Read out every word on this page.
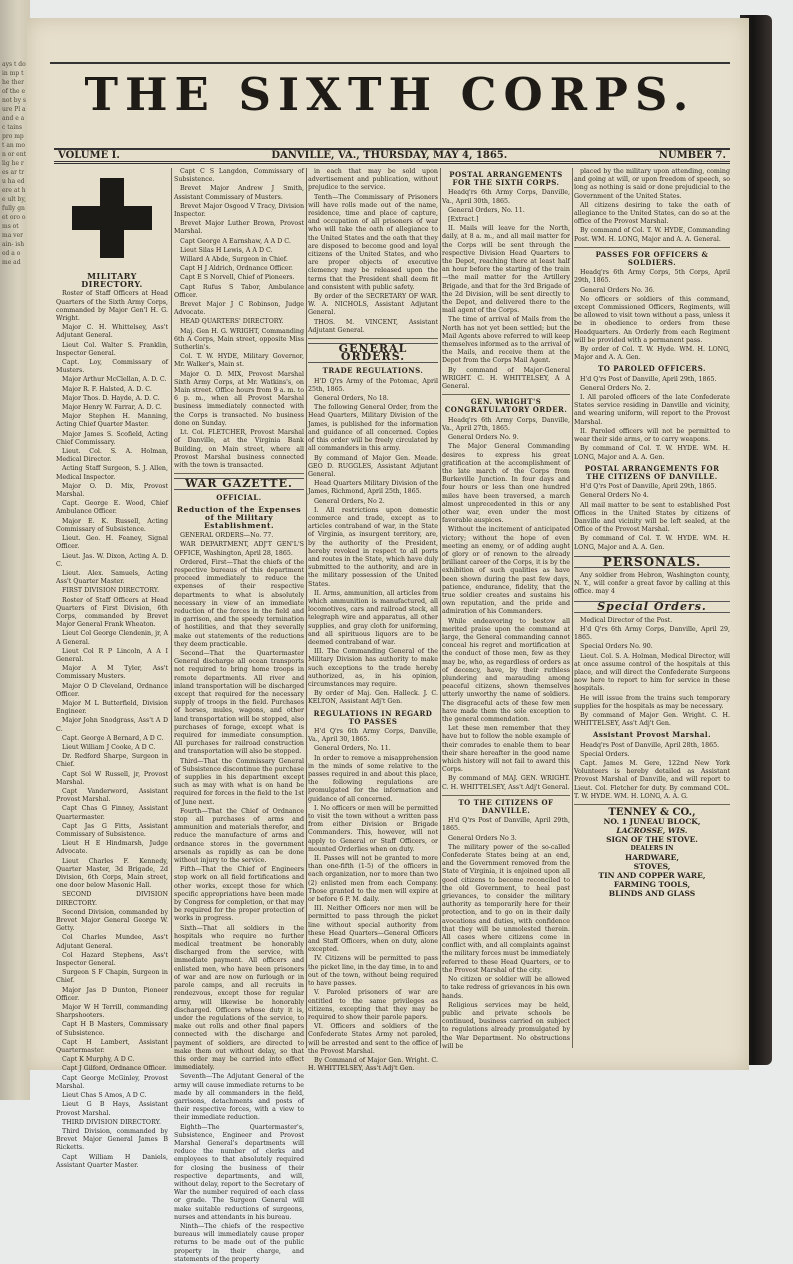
ays t do in mp the ther of the e not by sure Pl a and e ac tains pro mpt an mon or ent lig he res ar tru ha ed ere at he ult by, fully gnet oro oms ot ma ver ain- ish ed a ome ad
THE SIXTH CORPS.
VOLUME I.	DANVILLE, VA., THURSDAY, MAY 4, 1865.	NUMBER 7.
MILITARY DIRECTORY.

Roster of Staff Officers at Head Quarters of the Sixth Army Corps, commanded by Major Gen'l H. G. Wright.

Major C. H. Whittelsey, Ass't Adjutant General.

Lieut Col. Walter S. Franklin, Inspector General.

Capt. Loy, Commissary of Musters.

Major Arthur McClellan, A. D. C.

Major R. F. Halsted, A. D. C.

Major Thos. D. Hayde, A. D. C.

Major Henry W. Farrar, A. D. C.

Major Stephen H. Manning, Acting Chief Quarter Master.

Major James S. Scofield, Acting Chief Commissary.

Lieut. Col. S. A. Holman, Medical Director.

Acting Staff Surgeon, S. J. Allen, Medical Inspector.

Major O. D. Mix, Provost Marshal.

Capt. George E. Wood, Chief Ambulance Officer.

Major E. K. Russell, Acting Commissary of Subsistence.

Lieut. Geo. H. Feaney, Signal Officer.

Lieut. Jas. W. Dixon, Acting A. D. C.

Lieut. Alex. Samuels, Acting Ass't Quarter Master.

FIRST DIVISION DIRECTORY.

Roster of Staff Officers at Head Quarters of First Division, 6th Corps, commanded by Brevet Major General Frank Wheaton.

Lieut Col George Clendenin, jr, A A General.

Lieut Col R P Lincoln, A A I General.

Major A M Tyler, Ass't Commissary Musters.

Major O D Cleveland, Ordnance Officer.

Major M L Butterfield, Division Engineer.

Major John Snodgrass, Ass't A D C.

Capt. George A Bernard, A D C.

Lieut William J Cooke, A D C.

Dr. Redford Sharpe, Surgeon in Chief.

Capt Sol W Russell, jr, Provost Marshal.

Capt Vanderword, Assistant Provost Marshal.

Capt Chas G Finney, Assistant Quartermaster.

Capt Jas G Fitts, Assistant Commissary of Subsistence.

Lieut H E Hindmarsh, Judge Advocate.

Lieut Charles F. Kennedy, Quarter Master, 3d Brigade, 2d Division, 6th Corps, Main street, one door below Masonic Hall.

SECOND DIVISION DIRECTORY.

Second Division, commanded by Brevet Major General George W. Getty.

Col Charles Mundee, Ass't Adjutant General.

Col Hazard Stephens, Ass't Inspector General.

Surgeon S F Chapin, Surgeon in Chief.

Major Jas D Dunton, Pioneer Officer.

Major W H Terrill, commanding Sharpshooters.

Capt H B Masters, Commissary of Subsistence.

Capt H Lambert, Assistant Quartermaster.

Capt K Murphy, A D C.

Capt J Gilford, Ordnance Officer.

Capt George McGinley, Provost Marshal.

Lieut Chas S Amos, A D C.

Lieut G B Hays, Assistant Provost Marshal.

THIRD DIVISION DIRECTORY.

Third Division, commanded by Brevet Major General James B Ricketts.

Capt William H Daniels, Assistant Quarter Master.

Capt C S Langdon, Commissary of Subsistence.

Brevet Major Andrew J Smith, Assistant Commissary of Musters.

Brevet Major Osgood V Tracy, Division Inspector.

Brevet Major Luther Brown, Provost Marshal.

Capt George A Earnshaw, A A D C.

Lieut Silas H Lewis, A A D C.

Willard A Abde, Surgeon in Chief.

Capt H J Aldrich, Ordnance Officer.

Capt E S Norvell, Chief of Pioneers.

Capt Rufus S Tabor, Ambulance Officer.

Brevet Major J C Robinson, Judge Advocate.

HEAD QUARTERS' DIRECTORY.

Maj. Gen H. G. WRIGHT, Commanding 6th A Corps, Main street, opposite Miss Sutherlin's.

Col. T. W. HYDE, Military Governor, Mr. Walker's, Main st.

Major O. D. MIX, Provost Marshal Sixth Army Corps, at Mr. Watkins's, on Main street. Office hours from 9 a. m. to 6 p. m., when all Provost Marshal business immediately connected with the Corps is transacted. No business done on Sunday.

Lt. Col. FLETCHER, Provost Marshal of Danville, at the Virginia Bank Building, on Main street, where all Provost Marshal business connected with the town is transacted.

WAR GAZETTE.
OFFICIAL.
Reduction of the Expenses of the Military Establishment.

GENERAL ORDERS—No. 77.

WAR DEPARTMENT, ADJ'T GEN'L'S OFFICE, Washington, April 28, 1865.

Ordered, First—That the chiefs of the respective bureaus of this department proceed immediately to reduce the expenses of their respective departments to what is absolutely necessary in view of an immediate reduction of the forces in the field and in garrison, and the speedy termination of hostilities, and that they severally make out statements of the reductions they deem practicable.

Second—That the Quartermaster General discharge all ocean transports not required to bring home troops in remote departments. All river and inland transportation will be discharged except that required for the necessary supply of troops in the field. Purchases of horses, mules, wagons, and other land transportation will be stopped, also purchases of forage, except what is required for immediate consumption. All purchases for railroad construction and transportation will also be stopped.

Third—That the Commissary General of Subsistence discontinue the purchase of supplies in his department except such as may with what is on hand be required for forces in the field to the 1st of June next.

Fourth—That the Chief of Ordnance stop all purchases of arms and ammunition and materials therefor, and reduce the manufacture of arms and ordnance stores in the government arsenals as rapidly as can be done without injury to the service.

Fifth—That the Chief of Engineers stop work on all field fortifications and other works, except those for which specific appropriations have been made by Congress for completion, or that may be required for the proper protection of works in progress.

Sixth—That all soldiers in the hospitals who require no further medical treatment be honorably discharged from the service, with immediate payment. All officers and enlisted men, who have been prisoners of war and are now on furlough or in parole camps, and all recruits in rendezvous, except those for regular army, will likewise be honorably discharged. Officers whose duty it is, under the regulations of the service, to make out rolls and other final papers connected with the discharge and payment of soldiers, are directed to make them out without delay, so that this order may be carried into effect immediately.

Seventh—The Adjutant General of the army will cause immediate returns to be made by all commanders in the field, garrisons, detachments and posts of their respective forces, with a view to their immediate reduction.

Eighth—The Quartermaster's, Subsistence, Engineer and Provost Marshal General's departments will reduce the number of clerks and employees to that absolutely required for closing the business of their respective departments, and will, without delay, report to the Secretary of War the number required of each class or grade. The Surgeon General will make suitable reductions of surgeons, nurses and attendants in his bureau.

Ninth—The chiefs of the respective bureaus will immediately cause proper returns to be made out of the public property in their charge, and statements of the property

in each that may be sold upon advertisement and publication, without prejudice to the service.

Tenth—The Commissary of Prisoners will have rolls made out of the name, residence, time and place of capture, and occupation of all prisoners of war who will take the oath of allegiance to the United States and the oath that they are disposed to become good and loyal citizens of the United States, and who are proper objects of executive clemency may be released upon the terms that the President shall deem fit and consistent with public safety.

By order of the SECRETARY OF WAR. W. A. NICHOLS, Assistant Adjutant General.

THOS. M. VINCENT, Assistant Adjutant General.

GENERAL ORDERS.
TRADE REGULATIONS.

H'D Q'rs Army of the Potomac, April 25th, 1865.

General Orders, No 18.

The following General Order, from the Head Quarters, Military Division of the James, is published for the information and guidance of all concerned. Copies of this order will be freely circulated by all commanders in this army.

By command of Major Gen. Meade. GEO D. RUGGLES, Assistant Adjutant General.

Head Quarters Military Division of the James, Richmond, April 25th, 1865.

General Orders, No 2.

I. All restrictions upon domestic commerce and trade, except as to articles contraband of war, in the State of Virginia, as insurgent territory, are, by the authority of the President, hereby revoked in respect to all ports and routes in the State, which have duly submitted to the authority, and are in the military possession of the United States.

II. Arms, ammunition, all articles from which ammunition is manufactured, all locomotives, cars and railroad stock, all telegraph wire and apparatus, all other supplies, and gray cloth for uniforming, and all spirituous liquors are to be deemed contraband of war.

III. The Commanding General of the Military Division has authority to make such exceptions to the trade hereby authorized, as, in his opinion, circumstances may require.

By order of Maj. Gen. Halleck. J. C. KELTON, Assistant Adj't Gen.

REGULATIONS IN REGARD TO PASSES

H'd Q'rs 6th Army Corps, Danville, Va., April 30, 1865.

General Orders, No. 11.

In order to remove a misapprehension in the minds of some relative to the passes required in and about this place, the following regulations are promulgated for the information and guidance of all concerned.

I. No officers or men will be permitted to visit the town without a written pass from either Division or Brigade Commanders. This, however, will not apply to General or Staff Officers, or mounted Orderlies when on duty.

II. Passes will not be granted to more than one-fifth (1-5) of the officers in each organization, nor to more than two (2) enlisted men from each Company. Those granted to the men will expire at or before 6 P. M. daily.

III. Neither Officers nor men will be permitted to pass through the picket line without special authority from these Head Quarters—General Officers and Staff Officers, when on duty, alone excepted.

IV. Citizens will be permitted to pass the picket line, in the day time, in to and out of the town, without being required to have passes.

V. Paroled prisoners of war are entitled to the same privileges as citizens, excepting that they may be required to show their parole papers.

VI. Officers and soldiers of the Confederate States Army not paroled, will be arrested and sent to the office of the Provost Marshal.

By Command of Major Gen. Wright. C. H. WHITTELSEY, Ass't Adj't Gen.

POSTAL ARRANGEMENTS FOR THE SIXTH CORPS.

Headq'rs 6th Army Corps, Danville, Va., April 30th, 1865.

General Orders, No. 11.

[Extract.]

II. Mails will leave for the North, daily, at 8 a. m., and all mail matter for the Corps will be sent through the respective Division Head Quarters to the Depot, reaching there at least half an hour before the starting of the train—the mail matter for the Artillery Brigade, and that for the 3rd Brigade of the 2d Division, will be sent directly to the Depot, and delivered there to the mail agent of the Corps.

The time of arrival of Mails from the North has not yet been settled; but the Mail Agents above referred to will keep themselves informed as to the arrival of the Mails, and receive them at the Depot from the Corps Mail Agent.

By command of Major-General WRIGHT. C. H. WHITTELSEY, A A General.

GEN. WRIGHT'S CONGRATULATORY ORDER.

Headq'rs 6th Army Corps, Danville, Va., April 27th, 1865.

General Orders No. 9.

The Major General Commanding desires to express his great gratification at the accomplishment of the late march of the Corps from Burkeville Junction. In four days and four hours or less than one hundred miles have been traversed, a march almost unprecedented in this or any other war, even under the most favorable auspices.

Without the incitement of anticipated victory; without the hope of even meeting an enemy, or of adding aught of glory or of renown to the already brilliant career of the Corps, it is by the exhibition of such qualities as have been shown during the past few days, patience, endurance, fidelity, that the true soldier creates and sustains his own reputation, and the pride and admiration of his Commanders.

While endeavoring to bestow all merited praise upon the command at large, the General commanding cannot conceal his regret and mortification at the conduct of those men, few as they may be, who, as regardless of orders as of decency, have, by their ruthless plundering and marauding among peaceful citizens, shown themselves utterly unworthy the name of soldiers. The disgraceful acts of these few men have made them the sole exception to the general commendation.

Let these men remember that they have but to follow the noble example of their comrades to enable them to bear their share hereafter in the good name which history will not fail to award this Corps.

By command of MAJ. GEN. WRIGHT. C. H. WHITTELSEY, Ass't Adj't General.

TO THE CITIZENS OF DANVILLE.

H'd Q'rs Post of Danville, April 29th, 1865.

General Orders No 3.

The military power of the so-called Confederate States being at an end, and the Government removed from the State of Virginia, it is enjoined upon all good citizens to become reconciled to the old Government, to heal past grievances, to consider the military authority as temporarily here for their protection, and to go on in their daily avocations and duties, with confidence that they will be unmolested therein. All cases where citizens come in conflict with, and all complaints against the military forces must be immediately referred to these Head Quarters, or to the Provost Marshal of the city.

No citizen or soldier will be allowed to take redress of grievances in his own hands.

Religious services may be held, public and private schools be continued, business carried on subject to regulations already promulgated by the War Department. No obstructions will be

placed by the military upon attending, coming and going at will, or upon freedom of speech, so long as nothing is said or done prejudicial to the Government of the United States.

All citizens desiring to take the oath of allegiance to the United States, can do so at the office of the Provost Marshal.

By command of Col. T. W. HYDE, Commanding Post. WM. H. LONG, Major and A. A. General.

PASSES FOR OFFICERS & SOLDIERS.

Headq'rs 6th Army Corps, 5th Corps, April 29th, 1865.

General Orders No. 36.

No officers or soldiers of this command, except Commissioned Officers, Regiments, will be allowed to visit town without a pass, unless it be in obedience to orders from these Headquarters. An Orderly from each Regiment will be provided with a permanent pass.

By order of Col. T. W. Hyde. WM. H. LONG, Major and A. A. Gen.

TO PAROLED OFFICERS.

H'd Q'rs Post of Danville, April 29th, 1865.

General Orders No. 2.

I. All paroled officers of the late Confederate States service residing in Danville and vicinity, and wearing uniform, will report to the Provost Marshal.

II. Paroled officers will not be permitted to wear their side arms, or to carry weapons.

By command of Col. T. W. HYDE. WM. H. LONG, Major and A. A. Gen.

POSTAL ARRANGEMENTS FOR THE CITIZENS OF DANVILLE.

H'd Q'rs Post of Danville, April 29th, 1865.

General Orders No 4.

All mail matter to be sent to established Post Offices in the United States by citizens of Danville and vicinity will be left sealed, at the Office of the Provost Marshal.

By command of Col. T. W. HYDE. WM. H. LONG, Major and A. A. Gen.

PERSONALS.

Any soldier from Hebron, Washington county, N. Y., will confer a great favor by calling at this office. may 4

Special Orders.

Medical Director of the Post.

H'd Q'rs 6th Army Corps, Danville, April 29, 1865.

Special Orders No. 90.

Lieut. Col. S. A. Holman, Medical Director, will at once assume control of the hospitals at this place, and will direct the Confederate Surgeons now here to report to him for service in these hospitals.

He will issue from the trains such temporary supplies for the hospitals as may be necessary.

By command of Major Gen. Wright. C. H. WHITTELSEY, Ass't Adj't Gen.

Assistant Provost Marshal.

Headq'rs Post of Danville, April 28th, 1865.

Special Orders.

Capt. James M. Gere, 122nd New York Volunteers is hereby detailed as Assistant Provost Marshal of Danville, and will report to Lieut. Col. Fletcher for duty. By command COL. T. W. HYDE. WM. H. LONG, A. A. G.

TENNEY & CO.,
NO. 1 JUNEAU BLOCK,
LACROSSE, WIS.
SIGN OF THE STOVE.
DEALERS IN
HARDWARE,
STOVES,
TIN AND COPPER WARE,
FARMING TOOLS,
BLINDS AND GLASS
